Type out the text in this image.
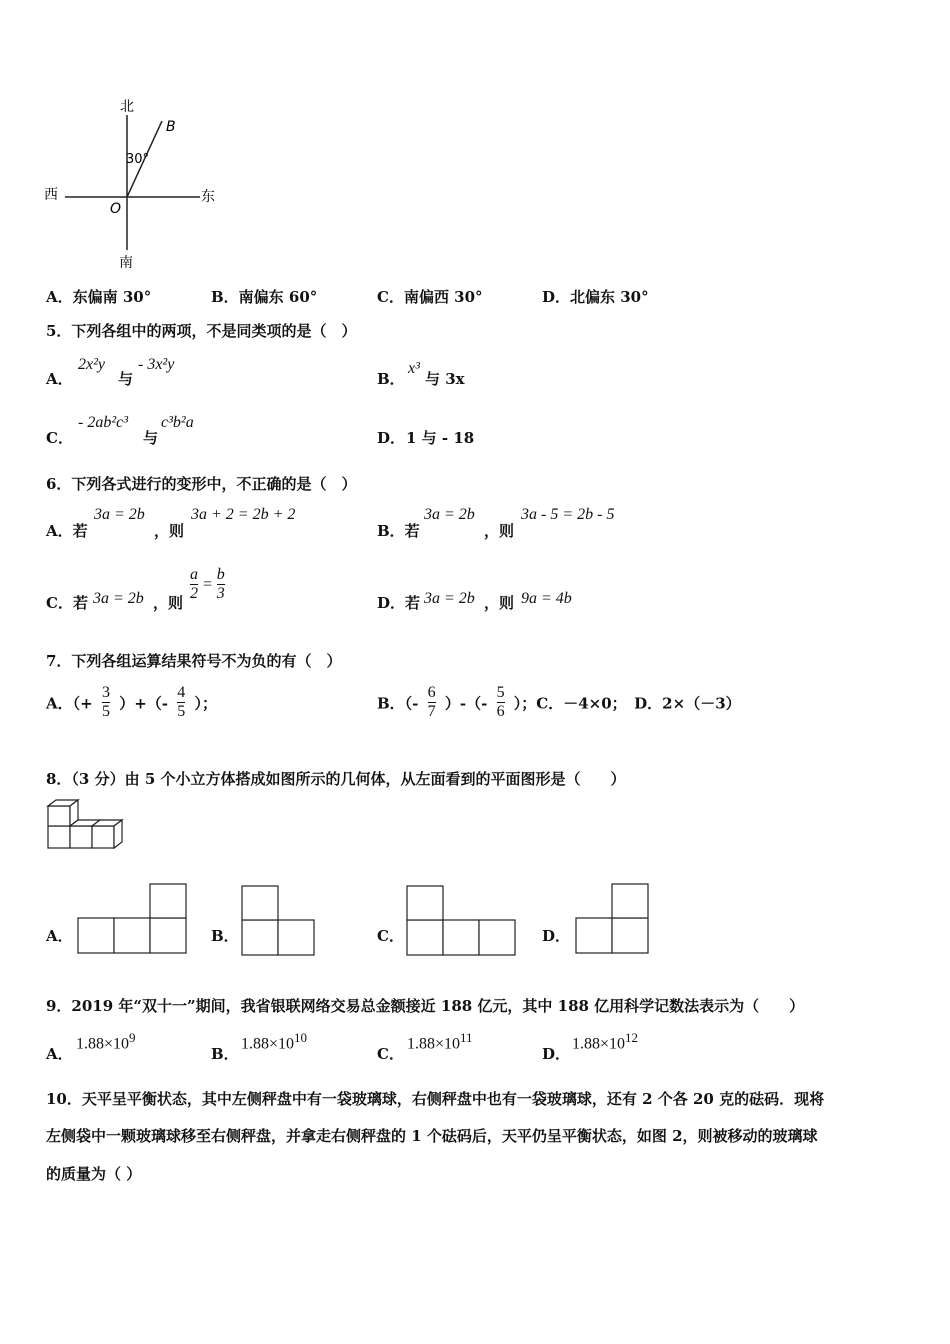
北
南
西	东
O
B
30°
A．东偏南 30°	B．南偏东 60°	C．南偏西 30°	D．北偏东 30°
5．下列各组中的两项，不是同类项的是（　）
A．
2x²y
与
- 3x²y
B．
x³
与 3x
C．
- 2ab²c³
与
c³b²a
D． 1 与 - 18
6．下列各式进行的变形中，不正确的是（　）
A．若
3a = 2b
，则
3a + 2 = 2b + 2
B．若
3a = 2b
，则
3a - 5 = 2b - 5
C．若 3a = 2b ，则 $\frac{a}{2} = \frac{b}{3}$	D．若 3a = 2b ，则 9a = 4b
7．下列各组运算结果符号不为负的有（　）
A．（+ $\frac{3}{5}$ ）+（- $\frac{4}{5}$ ）；	B．（- $\frac{6}{7}$ ）-（- $\frac{5}{6}$ ）；C．－4×0；　D．2×（－3）
8．（3 分）由 5 个小立方体搭成如图所示的几何体，从左面看到的平面图形是（　　）
A．	B．	C．	D．
9．2019 年“双十一”期间，我省银联网络交易总金额接近 188 亿元，其中 188 亿用科学记数法表示为（　　）
A．
$1.88\times 10^9$
B．
$1.88\times 10^{10}$
C．
$1.88\times 10^{11}$
D．
$1.88\times 10^{12}$
10．天平呈平衡状态，其中左侧秤盘中有一袋玻璃球，右侧秤盘中也有一袋玻璃球，还有 2 个各 20 克的砝码．现将
左侧袋中一颗玻璃球移至右侧秤盘，并拿走右侧秤盘的 1 个砝码后，天平仍呈平衡状态，如图 2，则被移动的玻璃球
的质量为（ ）
